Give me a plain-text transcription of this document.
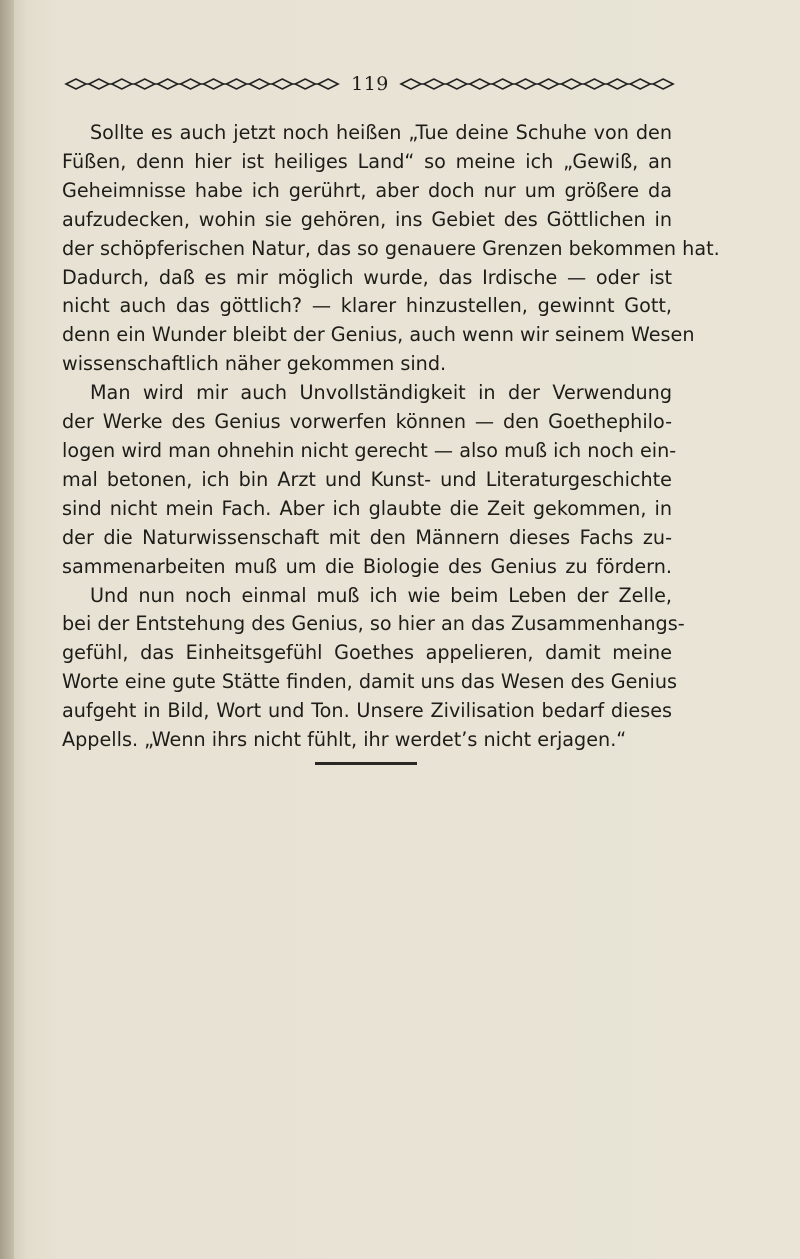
119
Sollte es auch jetzt noch heißen „Tue deine Schuhe von den
Füßen, denn hier ist heiliges Land“ so meine ich „Gewiß, an
Geheimnisse habe ich gerührt, aber doch nur um größere da
aufzudecken, wohin sie gehören, ins Gebiet des Göttlichen in
der schöpferischen Natur, das so genauere Grenzen bekommen hat.
Dadurch, daß es mir möglich wurde, das Irdische — oder ist
nicht auch das göttlich? — klarer hinzustellen, gewinnt Gott,
denn ein Wunder bleibt der Genius, auch wenn wir seinem Wesen
wissenschaftlich näher gekommen sind.
Man wird mir auch Unvollständigkeit in der Verwendung
der Werke des Genius vorwerfen können — den Goethephilo-
logen wird man ohnehin nicht gerecht — also muß ich noch ein-
mal betonen, ich bin Arzt und Kunst- und Literaturgeschichte
sind nicht mein Fach. Aber ich glaubte die Zeit gekommen, in
der die Naturwissenschaft mit den Männern dieses Fachs zu-
sammenarbeiten muß um die Biologie des Genius zu fördern.
Und nun noch einmal muß ich wie beim Leben der Zelle,
bei der Entstehung des Genius, so hier an das Zusammenhangs-
gefühl, das Einheitsgefühl Goethes appelieren, damit meine
Worte eine gute Stätte finden, damit uns das Wesen des Genius
aufgeht in Bild, Wort und Ton. Unsere Zivilisation bedarf dieses
Appells. „Wenn ihrs nicht fühlt, ihr werdet’s nicht erjagen.“
